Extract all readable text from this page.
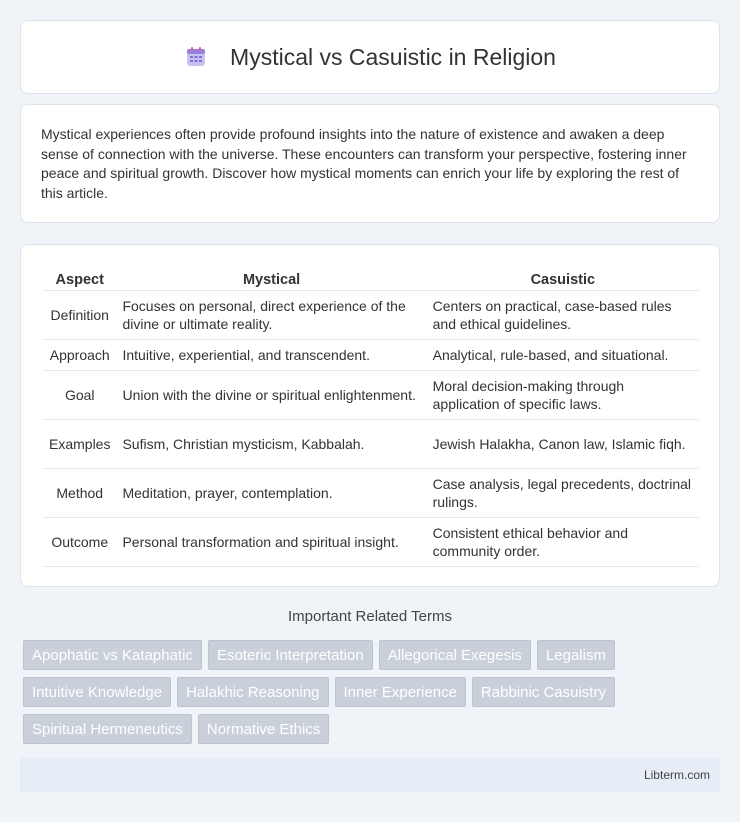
Mystical vs Casuistic in Religion

Mystical experiences often provide profound insights into the nature of existence and awaken a deep sense of connection with the universe. These encounters can transform your perspective, fostering inner peace and spiritual growth. Discover how mystical moments can enrich your life by exploring the rest of this article.

Aspect	Mystical	Casuistic
Definition	Focuses on personal, direct experience of the divine or ultimate reality.	Centers on practical, case-based rules and ethical guidelines.
Approach	Intuitive, experiential, and transcendent.	Analytical, rule-based, and situational.
Goal	Union with the divine or spiritual enlightenment.	Moral decision-making through application of specific laws.
Examples	Sufism, Christian mysticism, Kabbalah.	Jewish Halakha, Canon law, Islamic fiqh.
Method	Meditation, prayer, contemplation.	Case analysis, legal precedents, doctrinal rulings.
Outcome	Personal transformation and spiritual insight.	Consistent ethical behavior and community order.
Important Related Terms
Apophatic vs Kataphatic	Esoteric Interpretation	Allegorical Exegesis	Legalism
Intuitive Knowledge	Halakhic Reasoning	Inner Experience	Rabbinic Casuistry
Spiritual Hermeneutics	Normative Ethics
Libterm.com
